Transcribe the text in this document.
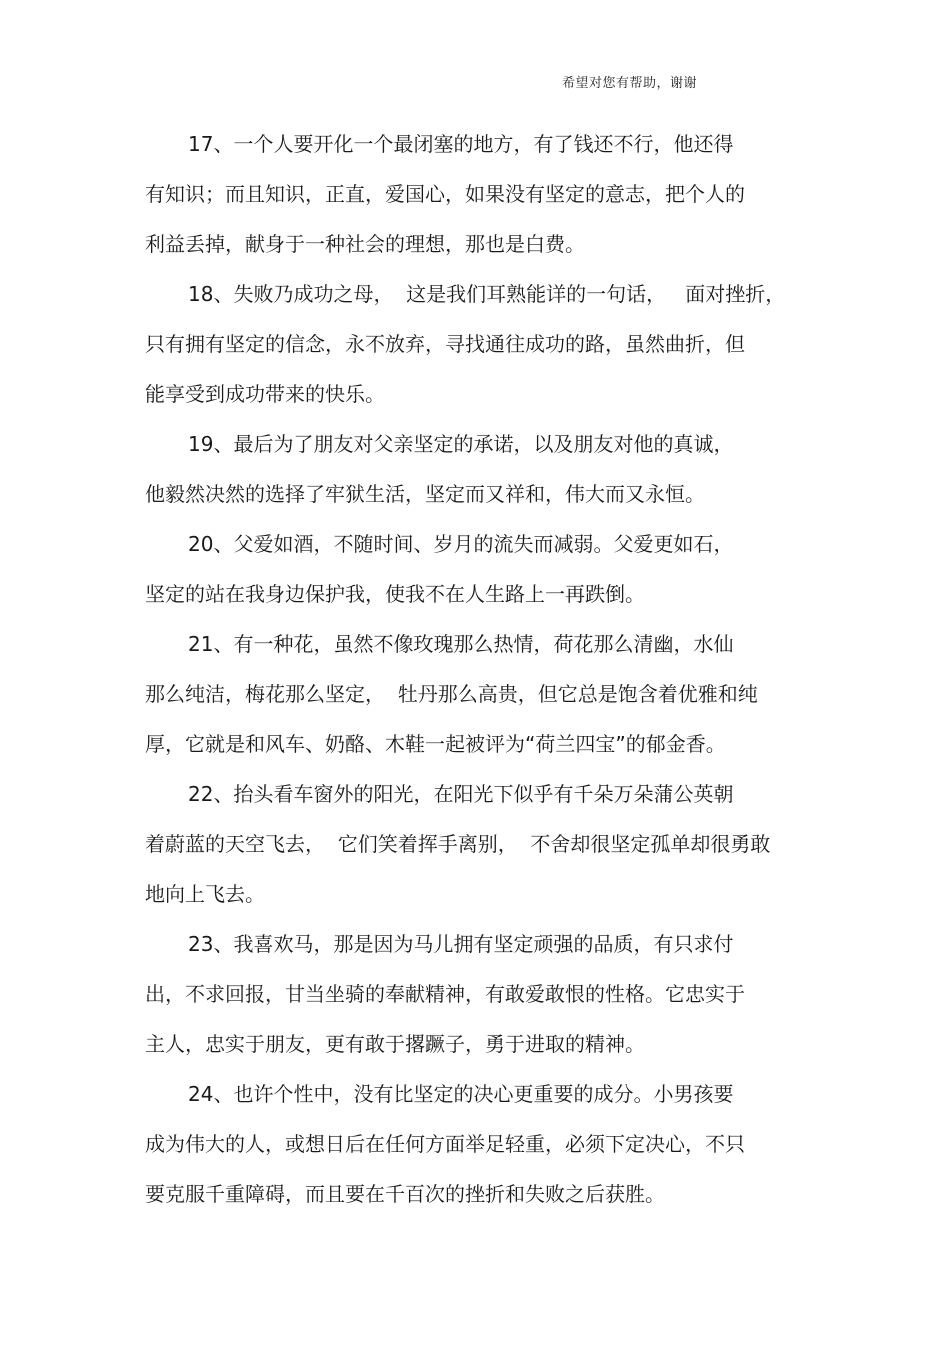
希望对您有帮助，谢谢
17、一个人要开化一个最闭塞的地方，有了钱还不行，他还得
有知识；而且知识，正直，爱国心，如果没有坚定的意志，把个人的
利益丢掉，献身于一种社会的理想，那也是白费。
18、失败乃成功之母，  这是我们耳熟能详的一句话，   面对挫折，
只有拥有坚定的信念，永不放弃，寻找通往成功的路，虽然曲折，但
能享受到成功带来的快乐。
19、最后为了朋友对父亲坚定的承诺，以及朋友对他的真诚，
他毅然决然的选择了牢狱生活，坚定而又祥和，伟大而又永恒。
20、父爱如酒，不随时间、岁月的流失而减弱。父爱更如石，
坚定的站在我身边保护我，使我不在人生路上一再跌倒。
21、有一种花，虽然不像玫瑰那么热情，荷花那么清幽，水仙
那么纯洁，梅花那么坚定，  牡丹那么高贵，但它总是饱含着优雅和纯
厚，它就是和风车、奶酪、木鞋一起被评为“荷兰四宝”的郁金香。
22、抬头看车窗外的阳光，在阳光下似乎有千朵万朵蒲公英朝
着蔚蓝的天空飞去，  它们笑着挥手离别，  不舍却很坚定孤单却很勇敢
地向上飞去。
23、我喜欢马，那是因为马儿拥有坚定顽强的品质，有只求付
出，不求回报，甘当坐骑的奉献精神，有敢爱敢恨的性格。它忠实于
主人，忠实于朋友，更有敢于撂蹶子，勇于进取的精神。
24、也许个性中，没有比坚定的决心更重要的成分。小男孩要
成为伟大的人，或想日后在任何方面举足轻重，必须下定决心，不只
要克服千重障碍，而且要在千百次的挫折和失败之后获胜。
